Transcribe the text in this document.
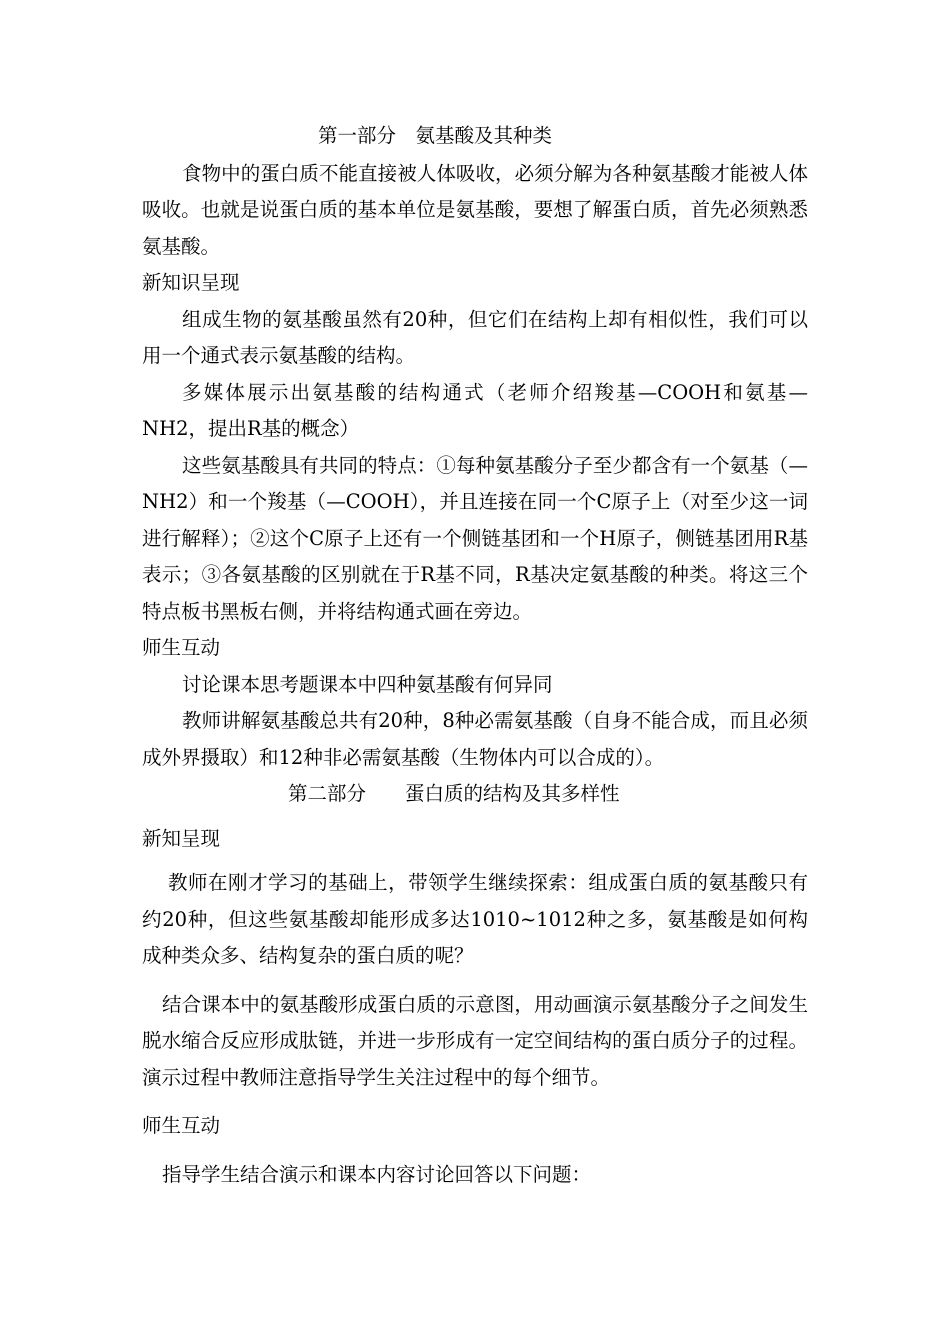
第一部分　氨基酸及其种类

食物中的蛋白质不能直接被人体吸收，必须分解为各种氨基酸才能被人体吸收。也就是说蛋白质的基本单位是氨基酸，要想了解蛋白质，首先必须熟悉氨基酸。

新知识呈现

组成生物的氨基酸虽然有20种，但它们在结构上却有相似性，我们可以用一个通式表示氨基酸的结构。

多媒体展示出氨基酸的结构通式（老师介绍羧基—COOH和氨基—NH2，提出R基的概念）

这些氨基酸具有共同的特点：①每种氨基酸分子至少都含有一个氨基（—NH2）和一个羧基（—COOH），并且连接在同一个C原子上（对至少这一词进行解释）；②这个C原子上还有一个侧链基团和一个H原子，侧链基团用R基表示；③各氨基酸的区别就在于R基不同，R基决定氨基酸的种类。将这三个特点板书黑板右侧，并将结构通式画在旁边。

师生互动

讨论课本思考题课本中四种氨基酸有何异同

教师讲解氨基酸总共有20种，8种必需氨基酸（自身不能合成，而且必须成外界摄取）和12种非必需氨基酸（生物体内可以合成的）。

第二部分　　蛋白质的结构及其多样性

新知呈现

教师在刚才学习的基础上，带领学生继续探索：组成蛋白质的氨基酸只有约20种，但这些氨基酸却能形成多达1010~1012种之多，氨基酸是如何构成种类众多、结构复杂的蛋白质的呢？

结合课本中的氨基酸形成蛋白质的示意图，用动画演示氨基酸分子之间发生脱水缩合反应形成肽链，并进一步形成有一定空间结构的蛋白质分子的过程。演示过程中教师注意指导学生关注过程中的每个细节。

师生互动

指导学生结合演示和课本内容讨论回答以下问题：
